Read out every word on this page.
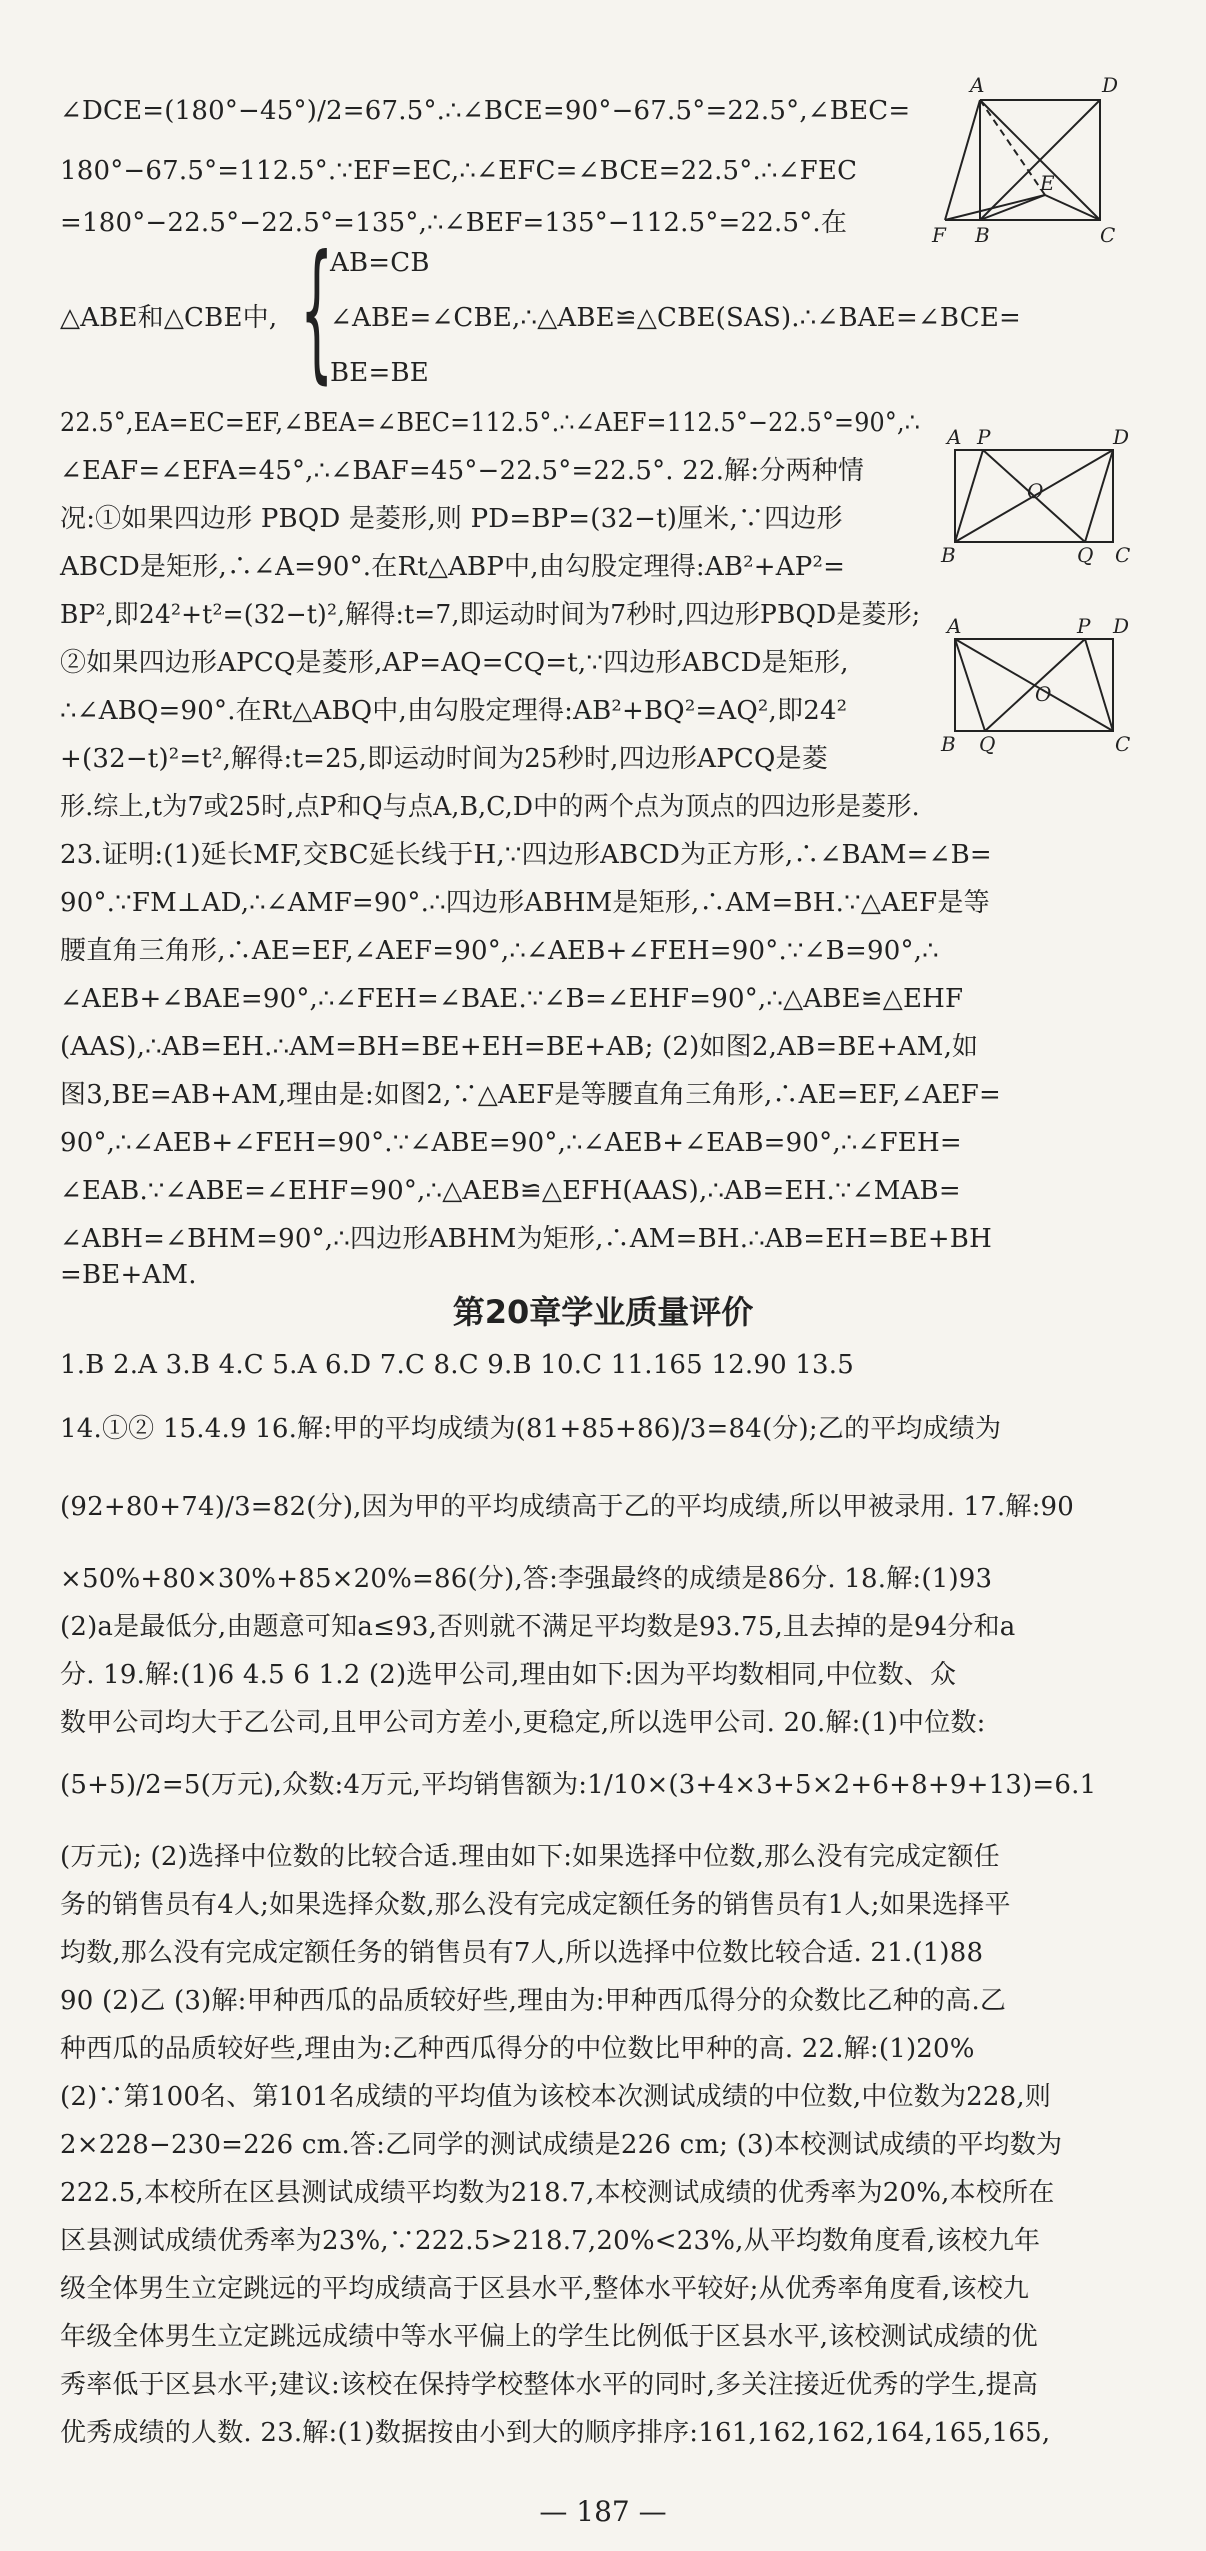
∠DCE=(180°−45°)/2=67.5°.∴∠BCE=90°−67.5°=22.5°,∠BEC=
180°−67.5°=112.5°.∵EF=EC,∴∠EFC=∠BCE=22.5°.∴∠FEC
=180°−22.5°−22.5°=135°,∴∠BEF=135°−112.5°=22.5°.在
AB=CB
△ABE和△CBE中, {
∠ABE=∠CBE,∴△ABE≌△CBE(SAS).∴∠BAE=∠BCE=
BE=BE
22.5°,EA=EC=EF,∠BEA=∠BEC=112.5°.∴∠AEF=112.5°−22.5°=90°,∴
∠EAF=∠EFA=45°,∴∠BAF=45°−22.5°=22.5°. 22.解:分两种情
况:①如果四边形 PBQD 是菱形,则 PD=BP=(32−t)厘米,∵四边形
ABCD是矩形,∴∠A=90°.在Rt△ABP中,由勾股定理得:AB²+AP²=
BP²,即24²+t²=(32−t)²,解得:t=7,即运动时间为7秒时,四边形PBQD是菱形;
②如果四边形APCQ是菱形,AP=AQ=CQ=t,∵四边形ABCD是矩形,
∴∠ABQ=90°.在Rt△ABQ中,由勾股定理得:AB²+BQ²=AQ²,即24²
+(32−t)²=t²,解得:t=25,即运动时间为25秒时,四边形APCQ是菱
形.综上,t为7或25时,点P和Q与点A,B,C,D中的两个点为顶点的四边形是菱形.
23.证明:(1)延长MF,交BC延长线于H,∵四边形ABCD为正方形,∴∠BAM=∠B=
90°.∵FM⊥AD,∴∠AMF=90°.∴四边形ABHM是矩形,∴AM=BH.∵△AEF是等
腰直角三角形,∴AE=EF,∠AEF=90°,∴∠AEB+∠FEH=90°.∵∠B=90°,∴
∠AEB+∠BAE=90°,∴∠FEH=∠BAE.∵∠B=∠EHF=90°,∴△ABE≌△EHF
(AAS),∴AB=EH.∴AM=BH=BE+EH=BE+AB; (2)如图2,AB=BE+AM,如
图3,BE=AB+AM,理由是:如图2,∵△AEF是等腰直角三角形,∴AE=EF,∠AEF=
90°,∴∠AEB+∠FEH=90°.∵∠ABE=90°,∴∠AEB+∠EAB=90°,∴∠FEH=
∠EAB.∵∠ABE=∠EHF=90°,∴△AEB≌△EFH(AAS),∴AB=EH.∵∠MAB=
∠ABH=∠BHM=90°,∴四边形ABHM为矩形,∴AM=BH.∴AB=EH=BE+BH
第20章学业质量评价
1.B 2.A 3.B 4.C 5.A 6.D 7.C 8.C 9.B 10.C 11.165 12.90 13.5
14.①② 15.4.9 16.解:甲的平均成绩为(81+85+86)/3=84(分);乙的平均成绩为
(92+80+74)/3=82(分),因为甲的平均成绩高于乙的平均成绩,所以甲被录用. 17.解:90
×50%+80×30%+85×20%=86(分),答:李强最终的成绩是86分. 18.解:(1)93
(2)a是最低分,由题意可知a≤93,否则就不满足平均数是93.75,且去掉的是94分和a
分. 19.解:(1)6 4.5 6 1.2 (2)选甲公司,理由如下:因为平均数相同,中位数、众
数甲公司均大于乙公司,且甲公司方差小,更稳定,所以选甲公司. 20.解:(1)中位数:
(5+5)/2=5(万元),众数:4万元,平均销售额为:1/10×(3+4×3+5×2+6+8+9+13)=6.1
(万元); (2)选择中位数的比较合适.理由如下:如果选择中位数,那么没有完成定额任
务的销售员有4人;如果选择众数,那么没有完成定额任务的销售员有1人;如果选择平
均数,那么没有完成定额任务的销售员有7人,所以选择中位数比较合适. 21.(1)88
90 (2)乙 (3)解:甲种西瓜的品质较好些,理由为:甲种西瓜得分的众数比乙种的高.乙
种西瓜的品质较好些,理由为:乙种西瓜得分的中位数比甲种的高. 22.解:(1)20%
(2)∵第100名、第101名成绩的平均值为该校本次测试成绩的中位数,中位数为228,则
2×228−230=226 cm.答:乙同学的测试成绩是226 cm; (3)本校测试成绩的平均数为
222.5,本校所在区县测试成绩平均数为218.7,本校测试成绩的优秀率为20%,本校所在
区县测试成绩优秀率为23%,∵222.5>218.7,20%<23%,从平均数角度看,该校九年
级全体男生立定跳远的平均成绩高于区县水平,整体水平较好;从优秀率角度看,该校九
年级全体男生立定跳远成绩中等水平偏上的学生比例低于区县水平,该校测试成绩的优
秀率低于区县水平;建议:该校在保持学校整体水平的同时,多关注接近优秀的学生,提高
优秀成绩的人数. 23.解:(1)数据按由小到大的顺序排序:161,162,162,164,165,165,
— 187 —
A	D
E
F B	C
A P	D
O
B	Q C
A	P D
O
B Q	C
=BE+AM.
